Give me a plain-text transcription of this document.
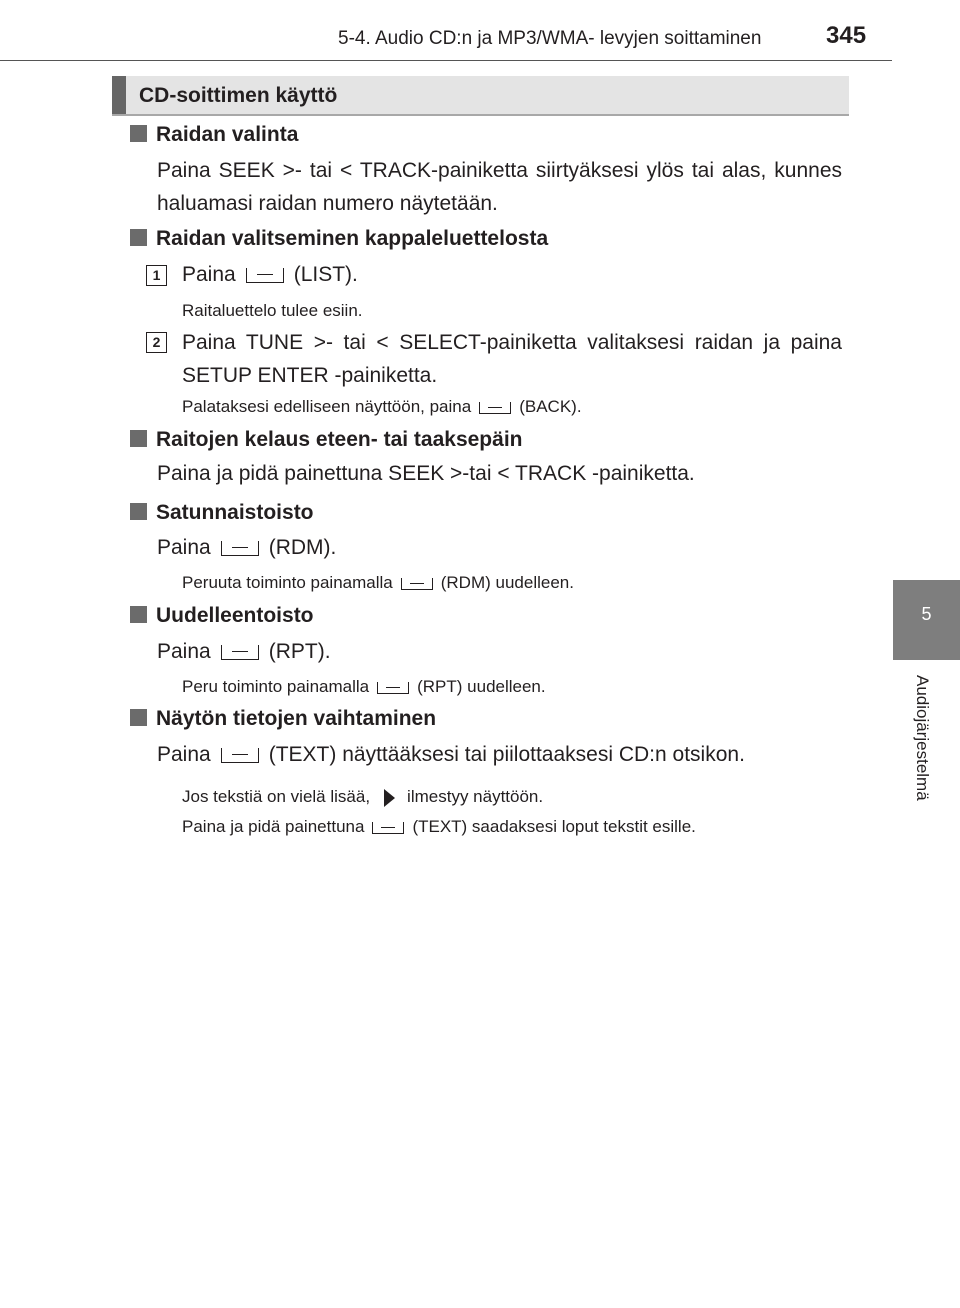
5-4. Audio CD:n ja MP3/WMA- levyjen soittaminen	345
5
Audiojärjestelmä
CD-soittimen käyttö
Raidan valinta
Paina SEEK >- tai < TRACK-painiketta siirtyäksesi ylös tai alas, kunnes haluamasi raidan numero näytetään.
Raidan valitseminen kappaleluettelosta
1	Paina	(LIST).
Raitaluettelo tulee esiin.
2	Paina TUNE >- tai < SELECT-painiketta valitaksesi raidan ja paina SETUP ENTER -painiketta.
Palataksesi edelliseen näyttöön, paina	(BACK).
Raitojen kelaus eteen- tai taaksepäin
Paina ja pidä painettuna SEEK >-tai < TRACK -painiketta.
Satunnaistoisto
Paina	(RDM).
Peruuta toiminto painamalla	(RDM) uudelleen.
Uudelleentoisto
Paina	(RPT).
Peru toiminto painamalla	(RPT) uudelleen.
Näytön tietojen vaihtaminen
Paina	(TEXT) näyttääksesi tai piilottaaksesi CD:n otsikon.
Jos tekstiä on vielä lisää, ilmestyy näyttöön.
Paina ja pidä painettuna	(TEXT) saadaksesi loput tekstit esille.
